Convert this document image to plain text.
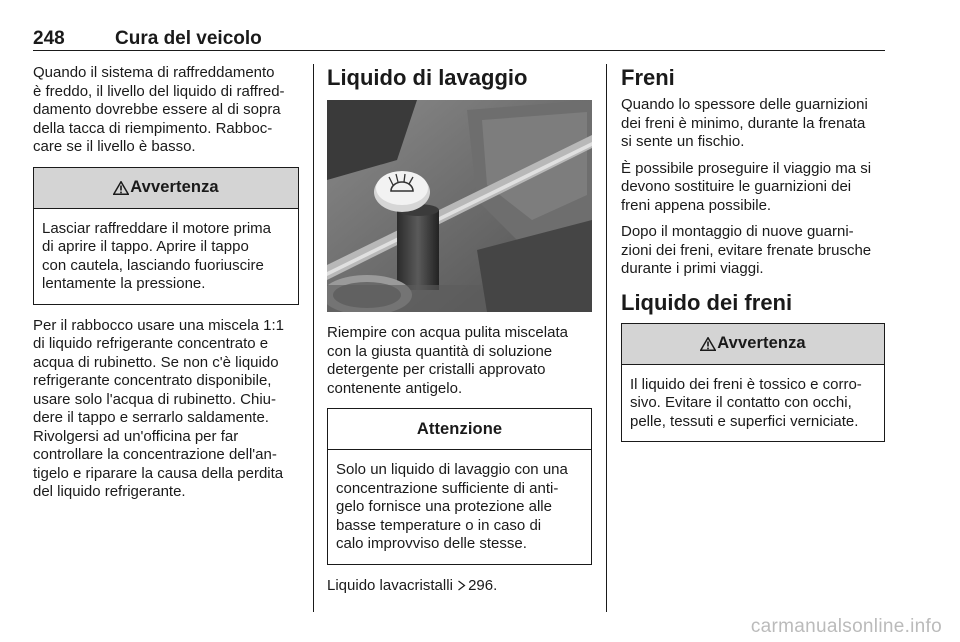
248	Cura del veicolo

Quando il sistema di raffreddamento

è freddo, il livello del liquido di raffred-

damento dovrebbe essere al di sopra

della tacca di riempimento. Rabboc-

care se il livello è basso.

Avvertenza

Lasciar raffreddare il motore prima

di aprire il tappo. Aprire il tappo

con cautela, lasciando fuoriuscire

lentamente la pressione.

Per il rabbocco usare una miscela 1:1

di liquido refrigerante concentrato e

acqua di rubinetto. Se non c'è liquido

refrigerante concentrato disponibile,

usare solo l'acqua di rubinetto. Chiu-

dere il tappo e serrarlo saldamente.

Rivolgersi ad un'officina per far

controllare la concentrazione dell'an-

tigelo e riparare la causa della perdita

del liquido refrigerante.

Liquido di lavaggio

Riempire con acqua pulita miscelata

con la giusta quantità di soluzione

detergente per cristalli approvato

contenente antigelo.

Attenzione

Solo un liquido di lavaggio con una

concentrazione sufficiente di anti-

gelo fornisce una protezione alle

basse temperature o in caso di

calo improvviso delle stesse.

Liquido lavacristalli 296.

Freni

Quando lo spessore delle guarnizioni

dei freni è minimo, durante la frenata

si sente un fischio.

È possibile proseguire il viaggio ma si

devono sostituire le guarnizioni dei

freni appena possibile.

Dopo il montaggio di nuove guarni-

zioni dei freni, evitare frenate brusche

durante i primi viaggi.

Liquido dei freni
Avvertenza

Il liquido dei freni è tossico e corro-

sivo. Evitare il contatto con occhi,

pelle, tessuti e superfici verniciate.

carmanualsonline.info
